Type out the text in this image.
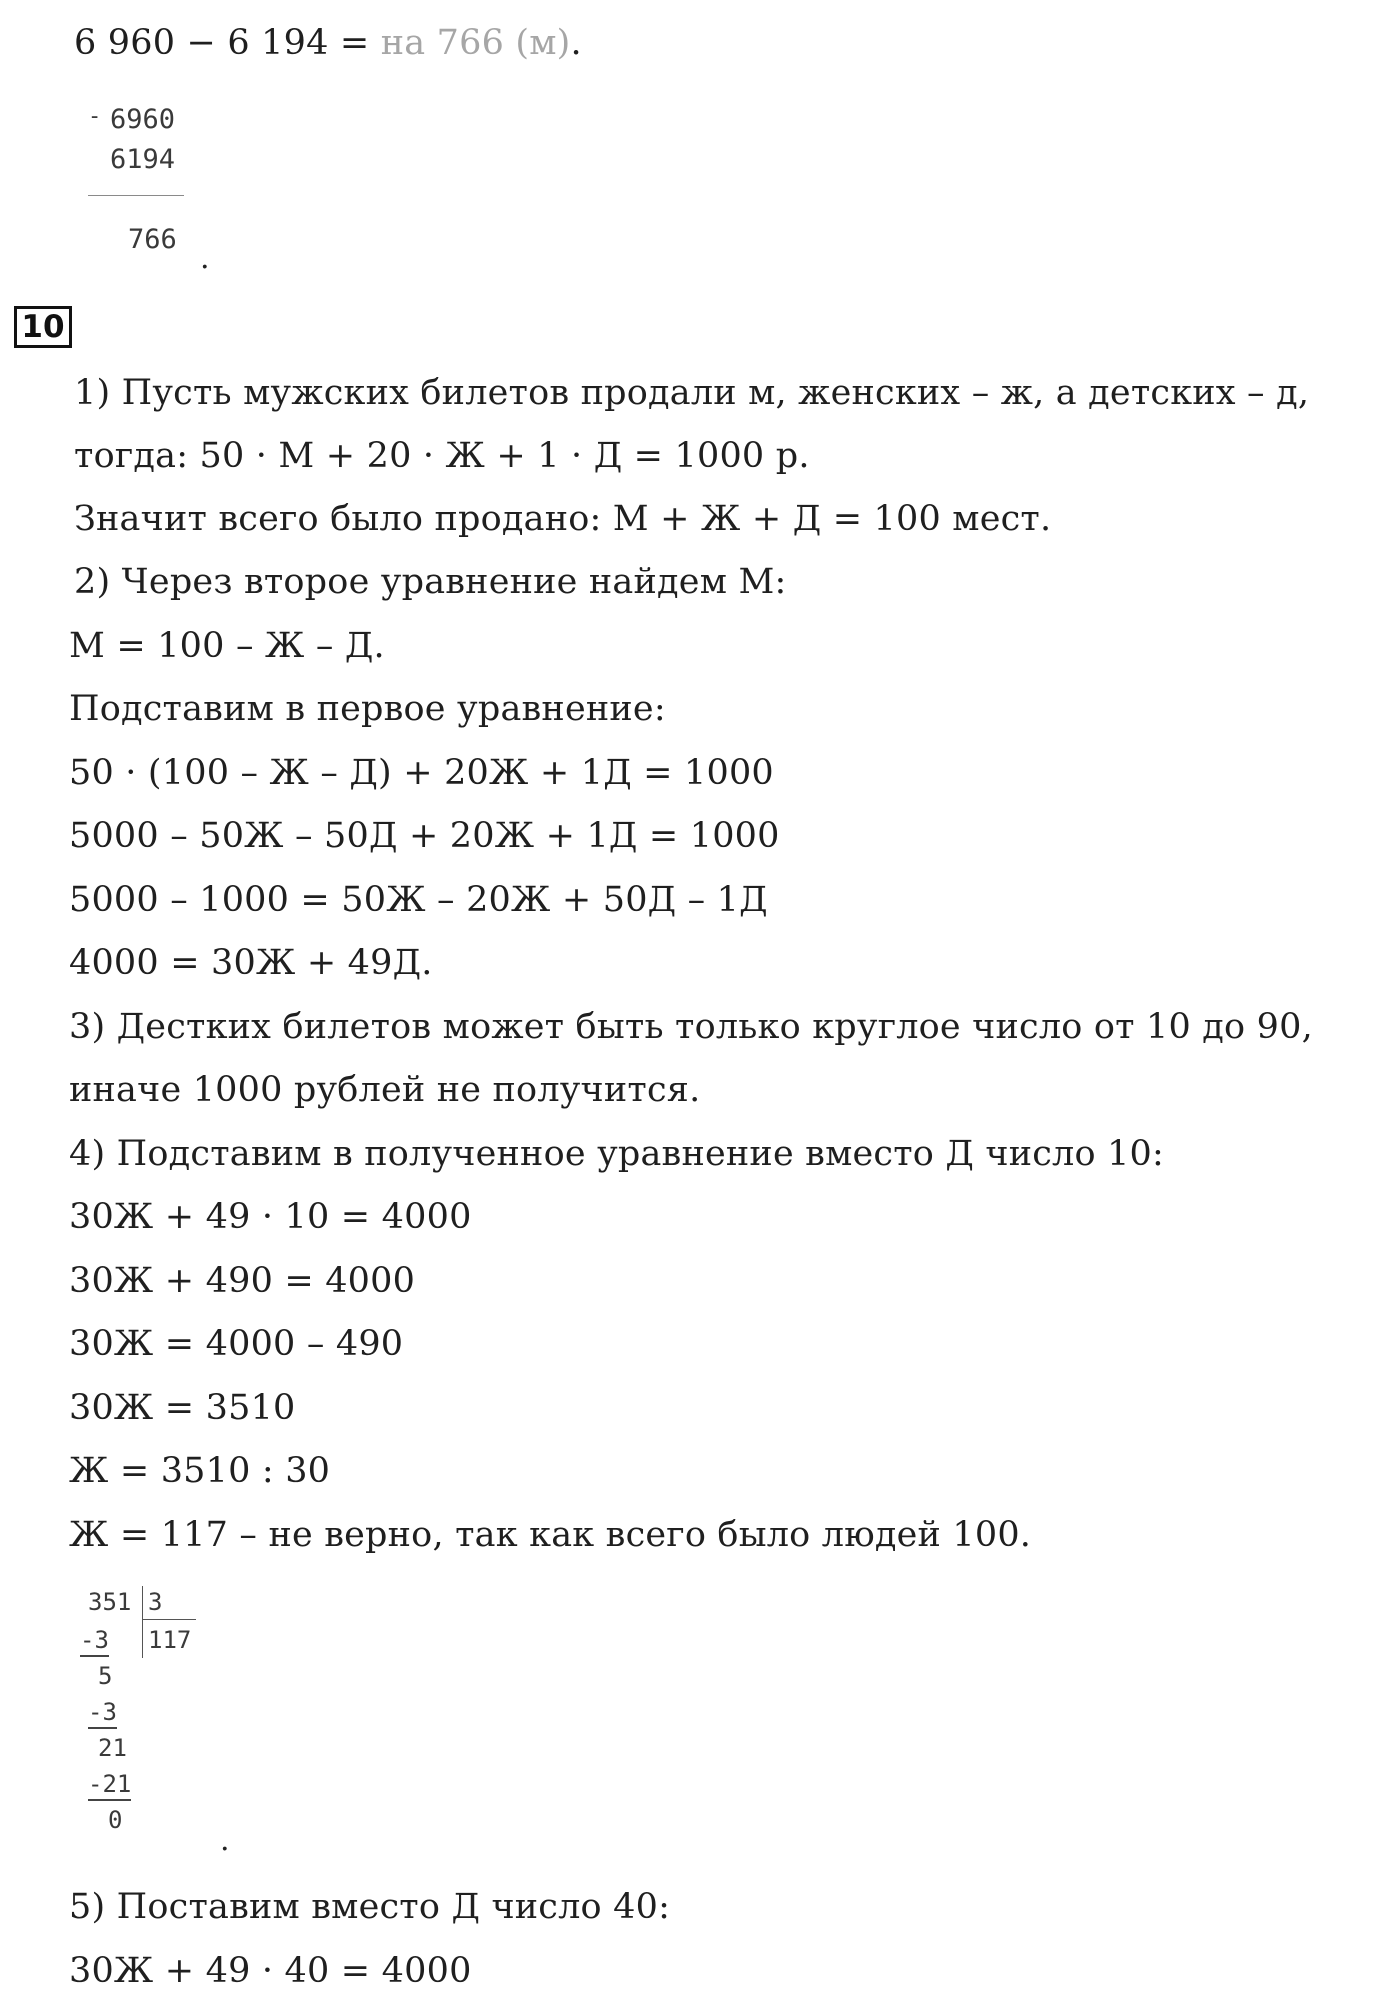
6 960 − 6 194 = на 766 (м).
- 6960
6194
766
.
10
1) Пусть мужских билетов продали м, женских – ж, а детских – д,
тогда: 50 · М + 20 · Ж + 1 · Д = 1000 р.
Значит всего было продано: М + Ж + Д = 100 мест.
2) Через второе уравнение найдем М:
М = 100 – Ж – Д.
Подставим в первое уравнение:
50 · (100 – Ж – Д) + 20Ж + 1Д = 1000
5000 – 50Ж – 50Д + 20Ж + 1Д = 1000
5000 – 1000 = 50Ж – 20Ж + 50Д – 1Д
4000 = 30Ж + 49Д.
3) Дестких билетов может быть только круглое число от 10 до 90,
иначе 1000 рублей не получится.
4) Подставим в полученное уравнение вместо Д число 10:
30Ж + 49 · 10 = 4000
30Ж + 490 = 4000
30Ж = 4000 – 490
30Ж = 3510
Ж = 3510 : 30
Ж = 117 – не верно, так как всего было людей 100.
351 3
117
-3
5
-3
21
-21
0
.
5) Поставим вместо Д число 40:
30Ж + 49 · 40 = 4000
